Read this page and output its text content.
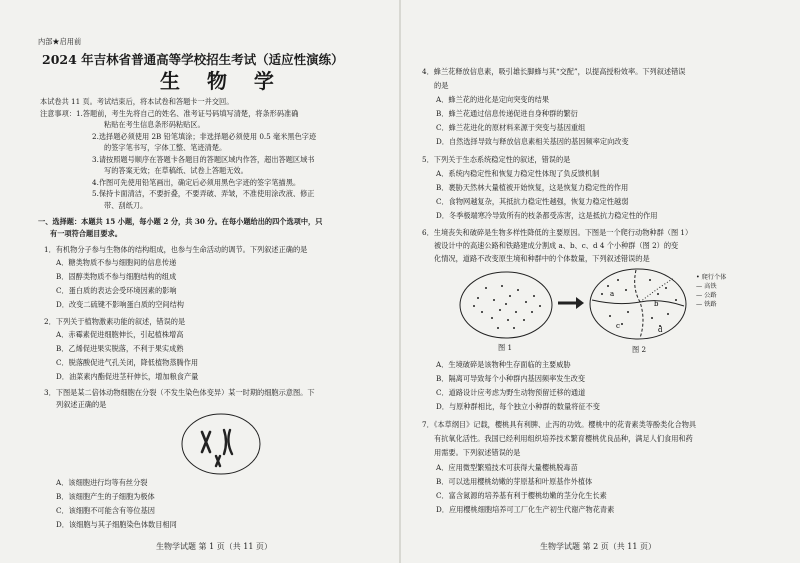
内部★启用前
2024 年吉林省普通高等学校招生考试（适应性演练）
生 物 学
本试卷共 11 页。考试结束后，将本试卷和答题卡一并交回。
注意事项：1.答题前，考生先将自己的姓名、准考证号码填写清楚，将条形码准确
粘贴在考生信息条形码粘贴区。
2.选择题必须使用 2B 铅笔填涂；非选择题必须使用 0.5 毫米黑色字迹
的签字笔书写，字体工整、笔迹清楚。
3.请按照题号顺序在答题卡各题目的答题区域内作答，超出答题区域书
写的答案无效；在草稿纸、试卷上答题无效。
4.作图可先使用铅笔画出，确定后必须用黑色字迹的签字笔描黑。
5.保持卡面清洁，不要折叠，不要弄破、弄皱，不准使用涂改液、修正
带、刮纸刀。
一、选择题：本题共 15 小题，每小题 2 分，共 30 分。在每小题给出的四个选项中，只
有一项符合题目要求。
1．有机物分子参与生物体的结构组成，也参与生命活动的调节。下列叙述正确的是
A．糖类物质不参与细胞间的信息传递
B．固醇类物质不参与细胞结构的组成
C．蛋白质的表达会受环境因素的影响
D．改变二硫键不影响蛋白质的空间结构
2．下列关于植物激素功能的叙述，错误的是
A．赤霉素促进细胞伸长，引起植株增高
B．乙烯促进果实脱落，不利于果实成熟
C．脱落酸促进气孔关闭，降低植物蒸腾作用
D．油菜素内酯促进茎秆伸长，增加粮食产量
3．下图是某二倍体动物细胞在分裂（不发生染色体变异）某一时期的细胞示意图。下
列叙述正确的是
A．该细胞进行均等有丝分裂
B．该细胞产生的子细胞为极体
C．该细胞不可能含有等位基因
D．该细胞与其子细胞染色体数目相同
生物学试题 第 1 页（共 11 页）
4．蜂兰花释放信息素，吸引雄长脚蜂与其“交配”，以提高授粉效率。下列叙述错误
的是
A．蜂兰花的进化是定向突变的结果
B．蜂兰花通过信息传递促进自身种群的繁衍
C．蜂兰花进化的原材料来源于突变与基因重组
D．自然选择导致与释放信息素相关基因的基因频率定向改变
5．下列关于生态系统稳定性的叙述，错误的是
A．系统内稳定性和恢复力稳定性体现了负反馈机制
B．裹胁天然林大量植被开始恢复，这是恢复力稳定性的作用
C．食物网越复杂，其抵抗力稳定性越强，恢复力稳定性越弱
D．冬季极端寒冷导致所有的枝条都受冻害，这是抵抗力稳定性的作用
6．生境丧失和破碎是生物多样性降低的主要原因。下图是一个爬行动物种群（图 1）
被设计中的高速公路和铁路建成分割成 a、b、c、d 4 个小种群（图 2）的变
化情况，道路不改变原生境和种群中的个体数量，下列叙述错误的是
a
b
c	d
• 爬行个体
— 高铁
— 公路
— 铁路
图 1	图 2
A．生境破碎是该物种生存面临的主要威胁
B．隔离可导致每个小种群内基因频率发生改变
C．道路设计应考虑为野生动物预留迁移的通道
D．与原种群相比，每个独立小种群的数量将征不变
7．《本草纲目》记载，樱桃具有利脾、止泻的功效。樱桃中的花青素类等酚类化合物具
有抗氧化活性。我国已经利用组织培养技术繁育樱桃优良品种，满足人们食用和药
用需要。下列叙述错误的是
A．应用微型繁殖技术可获得大量樱桃脱毒苗
B．可以选用樱桃幼嫩的芽原基和叶原基作外植体
C．富含氮源的培养基有利于樱桃幼嫩的茎分化生长素
D．应用樱桃细胞培养可工厂化生产初生代谢产物花青素
生物学试题 第 2 页（共 11 页）
